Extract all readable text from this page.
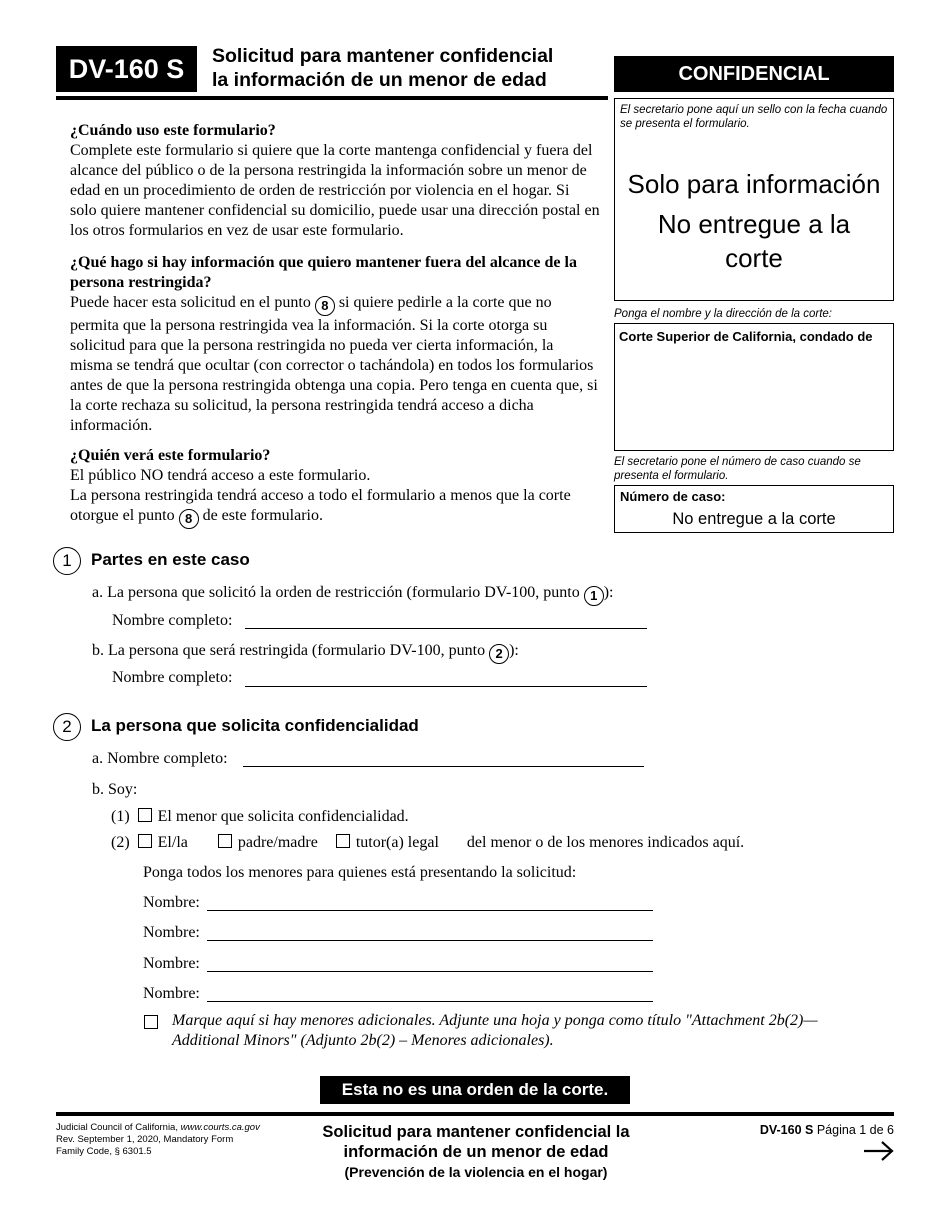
DV-160 S	Solicitud para mantener confidencial
la información de un menor de edad	CONFIDENCIAL
El secretario pone aquí un sello con la fecha cuando se presenta el formulario.
Solo para información
No entregue a la corte
Ponga el nombre y la dirección de la corte:
Corte Superior de California, condado de
El secretario pone el número de caso cuando se presenta el formulario.
Número de caso:
No entregue a la corte
¿Cuándo uso este formulario?
Complete este formulario si quiere que la corte mantenga confidencial y fuera del alcance del público o de la persona restringida la información sobre un menor de edad en un procedimiento de orden de restricción por violencia en el hogar. Si solo quiere mantener confidencial su domicilio, puede usar una dirección postal en los otros formularios en vez de usar este formulario.
¿Qué hago si hay información que quiero mantener fuera del alcance de la persona restringida?
Puede hacer esta solicitud en el punto 8 si quiere pedirle a la corte que no permita que la persona restringida vea la información. Si la corte otorga su solicitud para que la persona restringida no pueda ver cierta información, la misma se tendrá que ocultar (con corrector o tachándola) en todos los formularios antes de que la persona restringida obtenga una copia. Pero tenga en cuenta que, si la corte rechaza su solicitud, la persona restringida tendrá acceso a dicha información.
¿Quién verá este formulario?
El público NO tendrá acceso a este formulario.
La persona restringida tendrá acceso a todo el formulario a menos que la corte otorgue el punto 8 de este formulario.
1	Partes en este caso
a. La persona que solicitó la orden de restricción (formulario DV-100, punto 1 ):
Nombre completo:
b. La persona que será restringida (formulario DV-100, punto 2 ):
Nombre completo:
2	La persona que solicita confidencialidad
a. Nombre completo:
b. Soy:
(1) El menor que solicita confidencialidad.
(2) El/la	padre/madre tutor(a) legal del menor o de los menores indicados aquí.
Ponga todos los menores para quienes está presentando la solicitud:
Nombre:
Nombre:
Nombre:
Nombre:
Marque aquí si hay menores adicionales. Adjunte una hoja y ponga como título "Attachment 2b(2)—
Additional Minors" (Adjunto 2b(2) – Menores adicionales).
Esta no es una orden de la corte.
Judicial Council of California, www.courts.ca.gov
Rev. September 1, 2020, Mandatory Form
Family Code, § 6301.5
Solicitud para mantener confidencial la
información de un menor de edad
(Prevención de la violencia en el hogar)
DV-160 S Página 1 de 6
